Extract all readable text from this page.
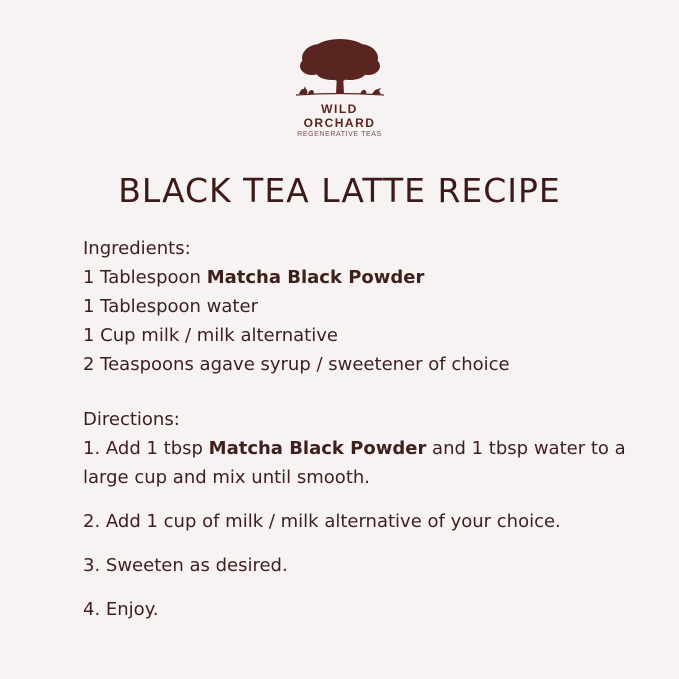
WILD
ORCHARD
REGENERATIVE TEAS
BLACK TEA LATTE RECIPE
Ingredients:
1 Tablespoon Matcha Black Powder
1 Tablespoon water
1 Cup milk / milk alternative
2 Teaspoons agave syrup / sweetener of choice
Directions:
1. Add 1 tbsp Matcha Black Powder and 1 tbsp water to a large cup and mix until smooth.
2. Add 1 cup of milk / milk alternative of your choice.
3. Sweeten as desired.
4. Enjoy.
